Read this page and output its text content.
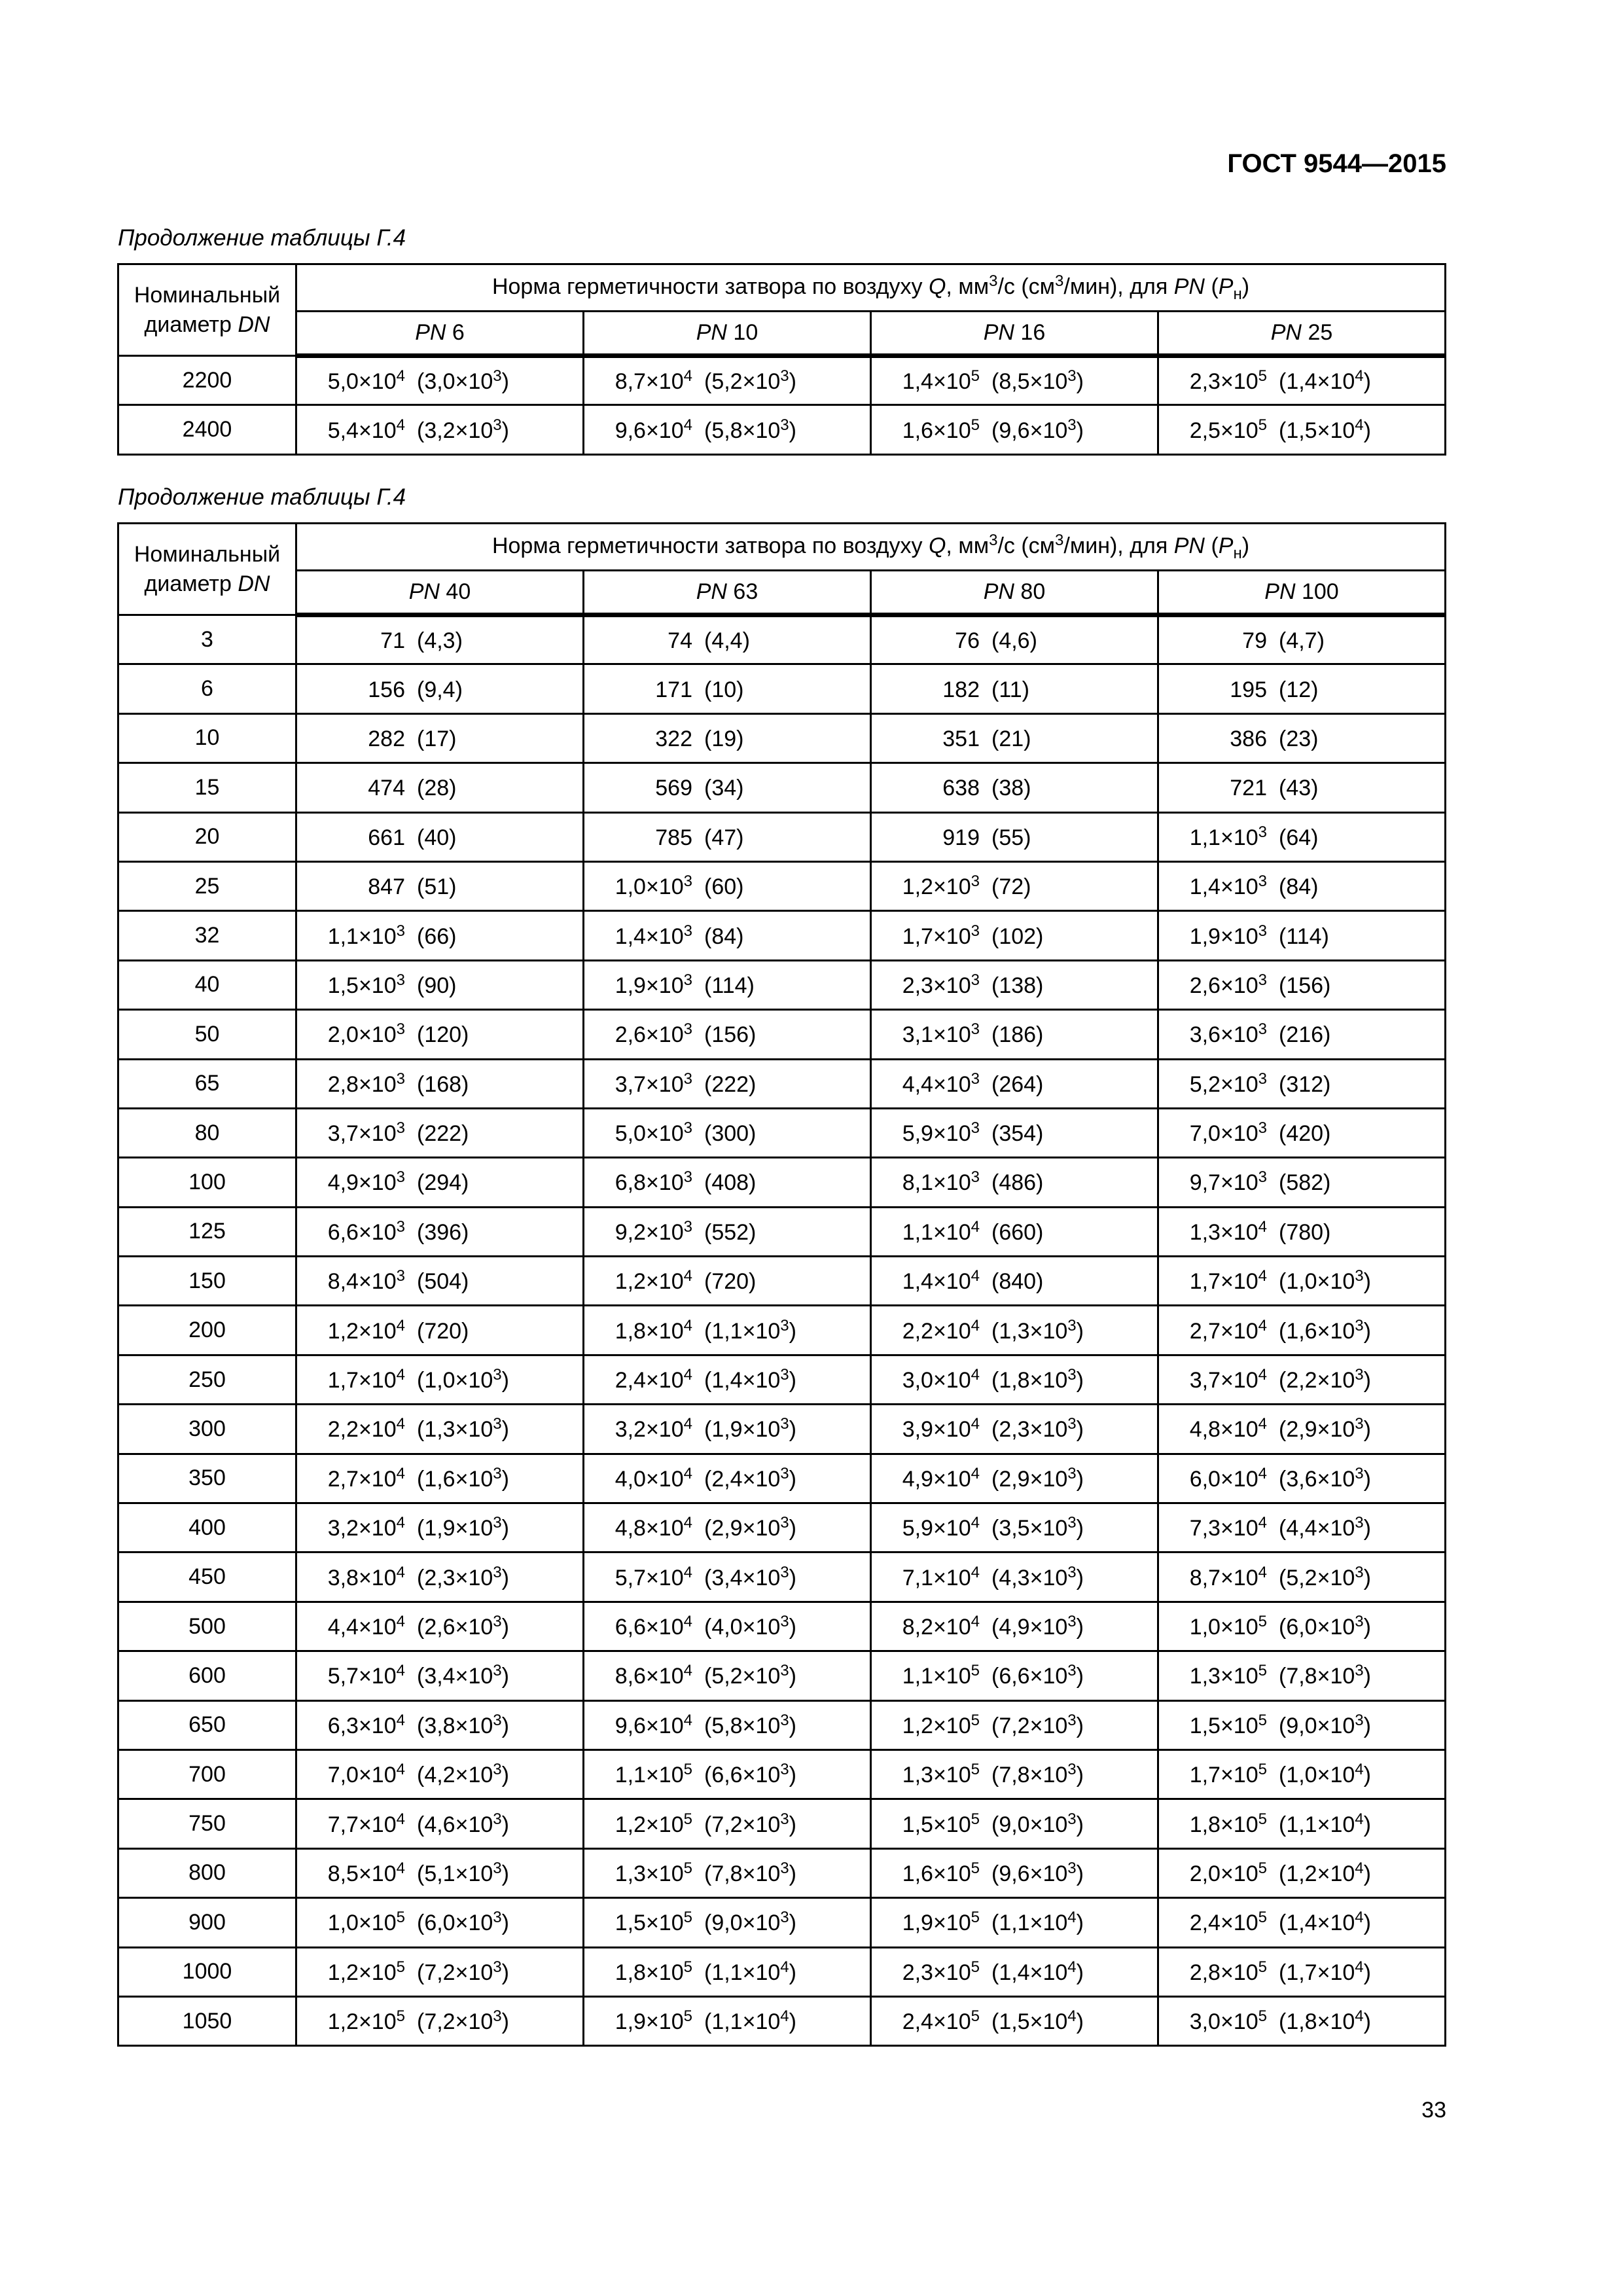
ГОСТ 9544—2015
Продолжение таблицы Г.4
Номинальный
диаметр DN	Норма герметичности затвора по воздуху Q, $мм^3/с$ $(см^3/мин)$, для PN $(P_н)$			
	PN 6	PN 10	PN 16	PN 25
2200	$5,0\times 10^4$ $(3,0\times 10^3)$	$8,7\times 10^4$ $(5,2\times 10^3)$	$1,4\times 10^5$ $(8,5\times 10^3)$	$2,3\times 10^5$ $(1,4\times 10^4)$
2400	$5,4\times 10^4$ $(3,2\times 10^3)$	$9,6\times 10^4$ $(5,8\times 10^3)$	$1,6\times 10^5$ $(9,6\times 10^3)$	$2,5\times 10^5$ $(1,5\times 10^4)$
Продолжение таблицы Г.4
Номинальный
диаметр DN	Норма герметичности затвора по воздуху Q, $мм^3/с$ $(см^3/мин)$, для PN $(P_н)$			
	PN 40	PN 63	PN 80	PN 100
3	71 (4,3)	74 (4,4)	76 (4,6)	79 (4,7)
6	156 (9,4)	171 (10)	182 (11)	195 (12)
10	282 (17)	322 (19)	351 (21)	386 (23)
15	474 (28)	569 (34)	638 (38)	721 (43)
20	661 (40)	785 (47)	919 (55)	$1,1\times 10^3$ (64)
25	847 (51)	$1,0\times 10^3$ (60)	$1,2\times 10^3$ (72)	$1,4\times 10^3$ (84)
32	$1,1\times 10^3$ (66)	$1,4\times 10^3$ (84)	$1,7\times 10^3$ (102)	$1,9\times 10^3$ (114)
40	$1,5\times 10^3$ (90)	$1,9\times 10^3$ (114)	$2,3\times 10^3$ (138)	$2,6\times 10^3$ (156)
50	$2,0\times 10^3$ (120)	$2,6\times 10^3$ (156)	$3,1\times 10^3$ (186)	$3,6\times 10^3$ (216)
65	$2,8\times 10^3$ (168)	$3,7\times 10^3$ (222)	$4,4\times 10^3$ (264)	$5,2\times 10^3$ (312)
80	$3,7\times 10^3$ (222)	$5,0\times 10^3$ (300)	$5,9\times 10^3$ (354)	$7,0\times 10^3$ (420)
100	$4,9\times 10^3$ (294)	$6,8\times 10^3$ (408)	$8,1\times 10^3$ (486)	$9,7\times 10^3$ (582)
125	$6,6\times 10^3$ (396)	$9,2\times 10^3$ (552)	$1,1\times 10^4$ (660)	$1,3\times 10^4$ (780)
150	$8,4\times 10^3$ (504)	$1,2\times 10^4$ (720)	$1,4\times 10^4$ (840)	$1,7\times 10^4$ $(1,0\times 10^3)$
200	$1,2\times 10^4$ (720)	$1,8\times 10^4$ $(1,1\times 10^3)$	$2,2\times 10^4$ $(1,3\times 10^3)$	$2,7\times 10^4$ $(1,6\times 10^3)$
250	$1,7\times 10^4$ $(1,0\times 10^3)$	$2,4\times 10^4$ $(1,4\times 10^3)$	$3,0\times 10^4$ $(1,8\times 10^3)$	$3,7\times 10^4$ $(2,2\times 10^3)$
300	$2,2\times 10^4$ $(1,3\times 10^3)$	$3,2\times 10^4$ $(1,9\times 10^3)$	$3,9\times 10^4$ $(2,3\times 10^3)$	$4,8\times 10^4$ $(2,9\times 10^3)$
350	$2,7\times 10^4$ $(1,6\times 10^3)$	$4,0\times 10^4$ $(2,4\times 10^3)$	$4,9\times 10^4$ $(2,9\times 10^3)$	$6,0\times 10^4$ $(3,6\times 10^3)$
400	$3,2\times 10^4$ $(1,9\times 10^3)$	$4,8\times 10^4$ $(2,9\times 10^3)$	$5,9\times 10^4$ $(3,5\times 10^3)$	$7,3\times 10^4$ $(4,4\times 10^3)$
450	$3,8\times 10^4$ $(2,3\times 10^3)$	$5,7\times 10^4$ $(3,4\times 10^3)$	$7,1\times 10^4$ $(4,3\times 10^3)$	$8,7\times 10^4$ $(5,2\times 10^3)$
500	$4,4\times 10^4$ $(2,6\times 10^3)$	$6,6\times 10^4$ $(4,0\times 10^3)$	$8,2\times 10^4$ $(4,9\times 10^3)$	$1,0\times 10^5$ $(6,0\times 10^3)$
600	$5,7\times 10^4$ $(3,4\times 10^3)$	$8,6\times 10^4$ $(5,2\times 10^3)$	$1,1\times 10^5$ $(6,6\times 10^3)$	$1,3\times 10^5$ $(7,8\times 10^3)$
650	$6,3\times 10^4$ $(3,8\times 10^3)$	$9,6\times 10^4$ $(5,8\times 10^3)$	$1,2\times 10^5$ $(7,2\times 10^3)$	$1,5\times 10^5$ $(9,0\times 10^3)$
700	$7,0\times 10^4$ $(4,2\times 10^3)$	$1,1\times 10^5$ $(6,6\times 10^3)$	$1,3\times 10^5$ $(7,8\times 10^3)$	$1,7\times 10^5$ $(1,0\times 10^4)$
750	$7,7\times 10^4$ $(4,6\times 10^3)$	$1,2\times 10^5$ $(7,2\times 10^3)$	$1,5\times 10^5$ $(9,0\times 10^3)$	$1,8\times 10^5$ $(1,1\times 10^4)$
800	$8,5\times 10^4$ $(5,1\times 10^3)$	$1,3\times 10^5$ $(7,8\times 10^3)$	$1,6\times 10^5$ $(9,6\times 10^3)$	$2,0\times 10^5$ $(1,2\times 10^4)$
900	$1,0\times 10^5$ $(6,0\times 10^3)$	$1,5\times 10^5$ $(9,0\times 10^3)$	$1,9\times 10^5$ $(1,1\times 10^4)$	$2,4\times 10^5$ $(1,4\times 10^4)$
1000	$1,2\times 10^5$ $(7,2\times 10^3)$	$1,8\times 10^5$ $(1,1\times 10^4)$	$2,3\times 10^5$ $(1,4\times 10^4)$	$2,8\times 10^5$ $(1,7\times 10^4)$
1050	$1,2\times 10^5$ $(7,2\times 10^3)$	$1,9\times 10^5$ $(1,1\times 10^4)$	$2,4\times 10^5$ $(1,5\times 10^4)$	$3,0\times 10^5$ $(1,8\times 10^4)$
33
